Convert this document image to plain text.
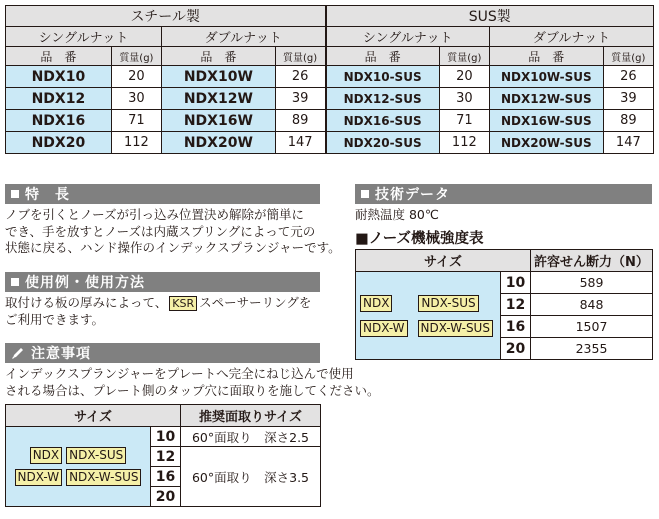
スチール製				SUS製			
シングルナット		ダブルナット		シングルナット		ダブルナット	
品　番	質量(g)	品　番	質量(g)	品　番	質量(g)	品　番	質量(g)
NDX10	20	NDX10W	26	NDX10-SUS	20	NDX10W-SUS	26
NDX12	30	NDX12W	39	NDX12-SUS	30	NDX12W-SUS	39
NDX16	71	NDX16W	89	NDX16-SUS	71	NDX16W-SUS	89
NDX20	112	NDX20W	147	NDX20-SUS	112	NDX20W-SUS	147
特　長
ノブを引くとノーズが引っ込み位置決め解除が簡単に
でき、手を放すとノーズは内蔵スプリングによって元の
状態に戻る、ハンド操作のインデックスプランジャーです。
使用例・使用方法
取付ける板の厚みによって、 KSR スペーサーリングを
ご利用できます。
注意事項
インデックスプランジャーをプレートへ完全にねじ込んで使用
される場合は、プレート側のタップ穴に面取りを施してください。
サイズ		推奨面取りサイズ

NDX NDX-SUS
NDX-W NDX-W-SUS	10	60°面取り　深さ2.5
	12	60°面取り　深さ3.5
	16	
	20	
技術データ
耐熱温度 80℃
■ノーズ機械強度表
サイズ		許容せん断力（N）

NDX NDX-SUS
NDX-W NDX-W-SUS	10	589
	12	848
	16	1507
	20	2355
